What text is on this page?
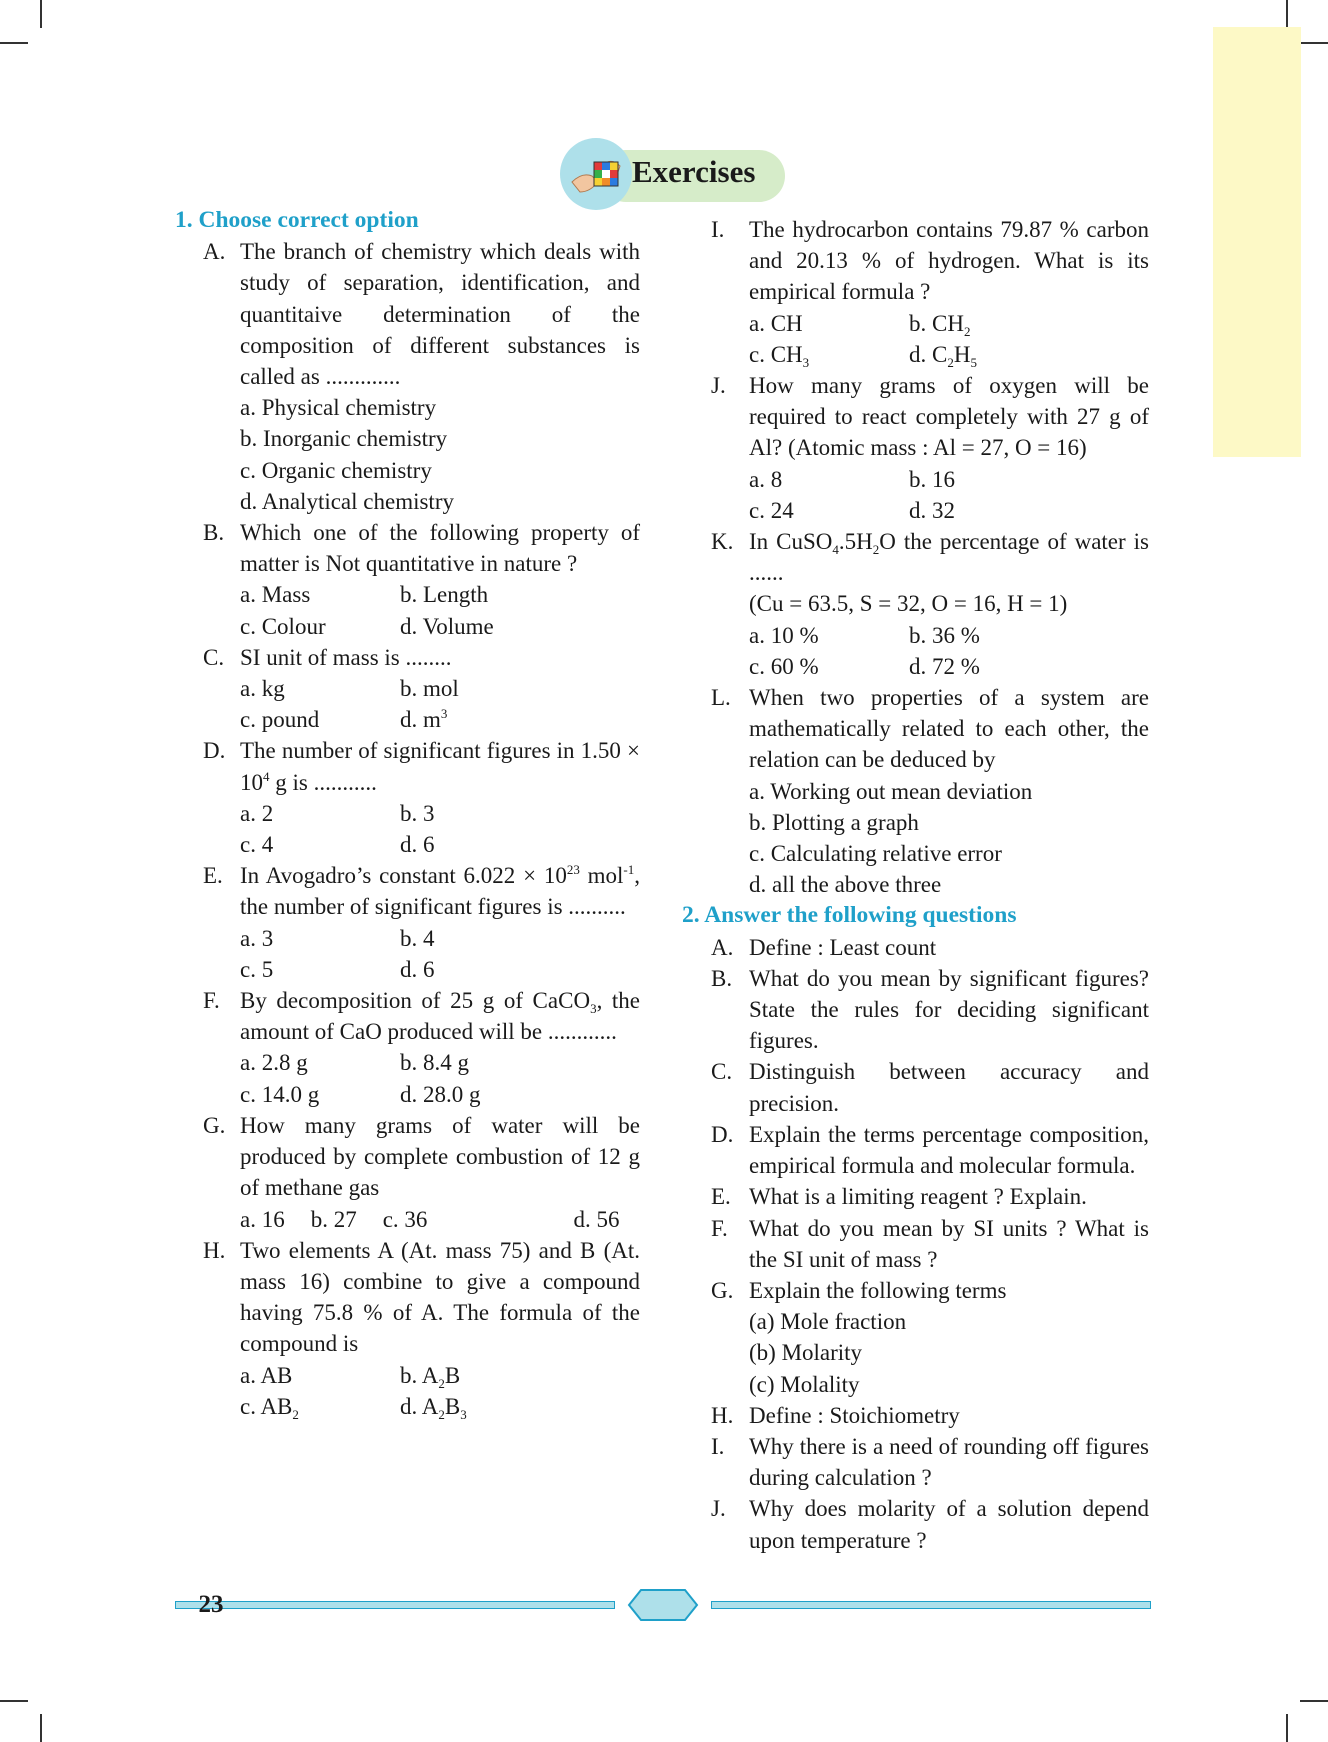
Exercises
1. Choose correct option
A. The branch of chemistry which deals with study of separation, identification, and quantitaive determination of the composition of different substances is called as .............
a. Physical chemistry
b. Inorganic chemistry
c. Organic chemistry
d. Analytical chemistry
B. Which one of the following property of matter is Not quantitative in nature ?
a. Mass	b. Length
c. Colour	d. Volume
C. SI unit of mass is ........
a. kg	b. mol
c. pound	d. $m^3$
D. The number of significant figures in $1.50 \times 10^4$ g is ...........
a. 2	b. 3
c. 4	d. 6
E. In Avogadro’s constant $6.022 \times 10^{23}$ mol$^{-1}$, the number of significant figures is ..........
a. 3	b. 4
c. 5	d. 6
F. By decomposition of 25 g of CaCO$_3$, the amount of CaO produced will be ............
a. 2.8 g	b. 8.4 g
c. 14.0 g	d. 28.0 g
G. How many grams of water will be produced by complete combustion of 12 g of methane gas
a. 16 b. 27 c. 36	d. 56
H. Two elements A (At. mass 75) and B (At. mass 16) combine to give a compound having 75.8 % of A. The formula of the compound is
a. AB	b. $A_2B$
c. $AB_2$	d. $A_2B_3$
I. The hydrocarbon contains 79.87 % carbon and 20.13 % of hydrogen. What is its empirical formula ?
a. CH	b. $CH_2$
c. $CH_3$	d. $C_2H_5$
J. How many grams of oxygen will be required to react completely with 27 g of Al? (Atomic mass : Al = 27, O = 16)
a. 8	b. 16
c. 24	d. 32
K. In $CuSO_4.5H_2O$ the percentage of water is ......
(Cu = 63.5, S = 32, O = 16, H = 1)
a. 10 %	b. 36 %
c. 60 %	d. 72 %
L. When two properties of a system are mathematically related to each other, the relation can be deduced by
a. Working out mean deviation
b. Plotting a graph
c. Calculating relative error
d. all the above three
2. Answer the following questions
A. Define : Least count
B. What do you mean by significant figures? State the rules for deciding significant figures.
C. Distinguish between accuracy and precision.
D. Explain the terms percentage composition, empirical formula and molecular formula.
E. What is a limiting reagent ? Explain.
F. What do you mean by SI units ? What is the SI unit of mass ?
G. Explain the following terms
(a) Mole fraction
(b) Molarity
(c) Molality
H. Define : Stoichiometry
I. Why there is a need of rounding off figures during calculation ?
J. Why does molarity of a solution depend upon temperature ?
23
